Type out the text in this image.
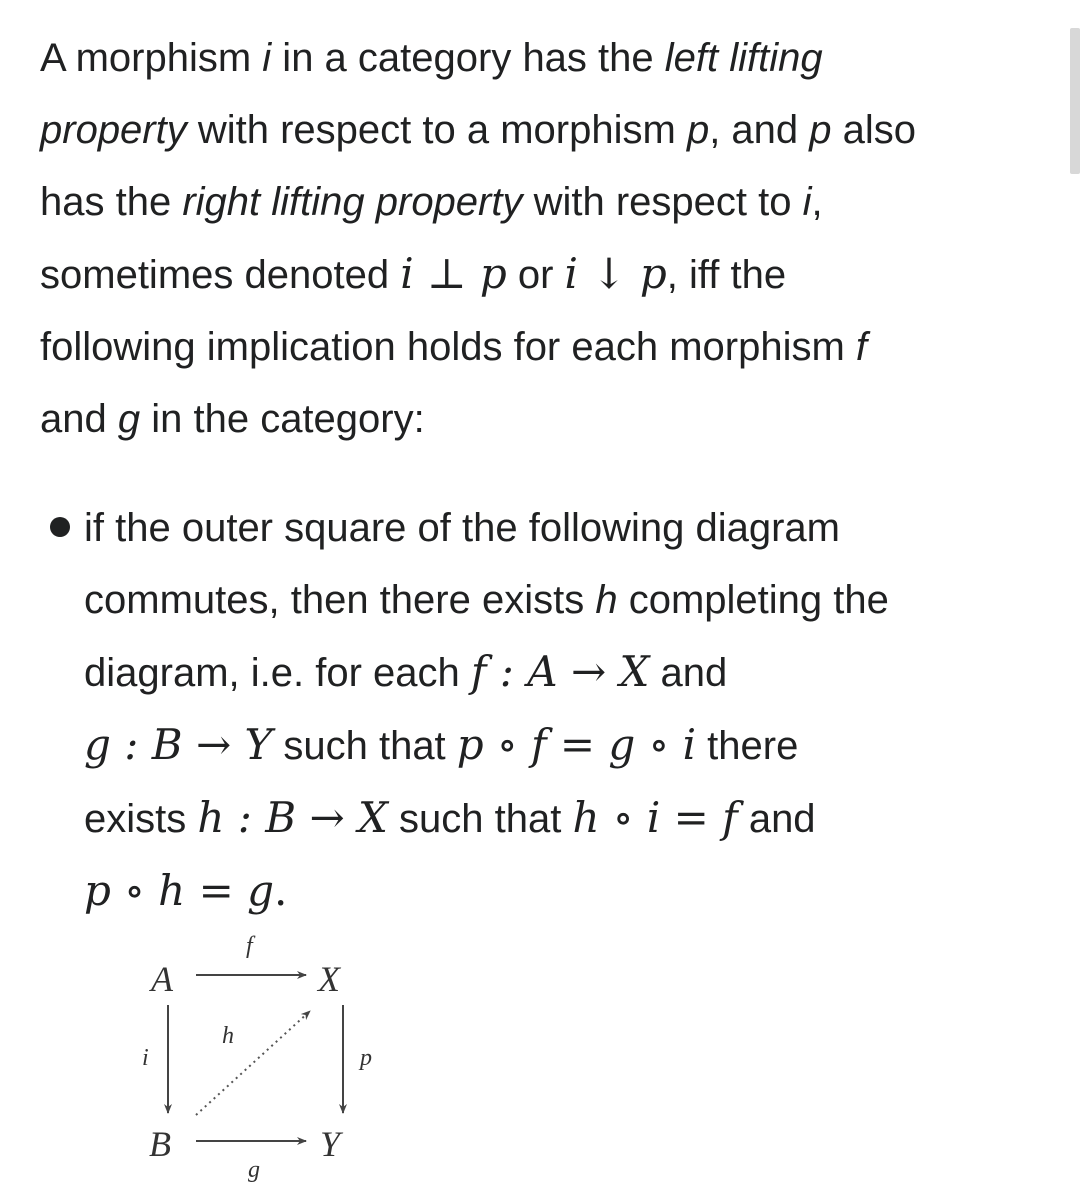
A morphism i in a category has the left lifting
property with respect to a morphism p, and p also
has the right lifting property with respect to i,
sometimes denoted i ⊥ p or i ↓ p, iff the
following implication holds for each morphism f
and g in the category:

if the outer square of the following diagram
commutes, then there exists h completing the
diagram, i.e. for each f : A → X and
g : B → Y such that p ∘ f = g ∘ i there
exists h : B → X such that h ∘ i = f and
p ∘ h = g.

A	X
B	Y
f
g
i	p
h
